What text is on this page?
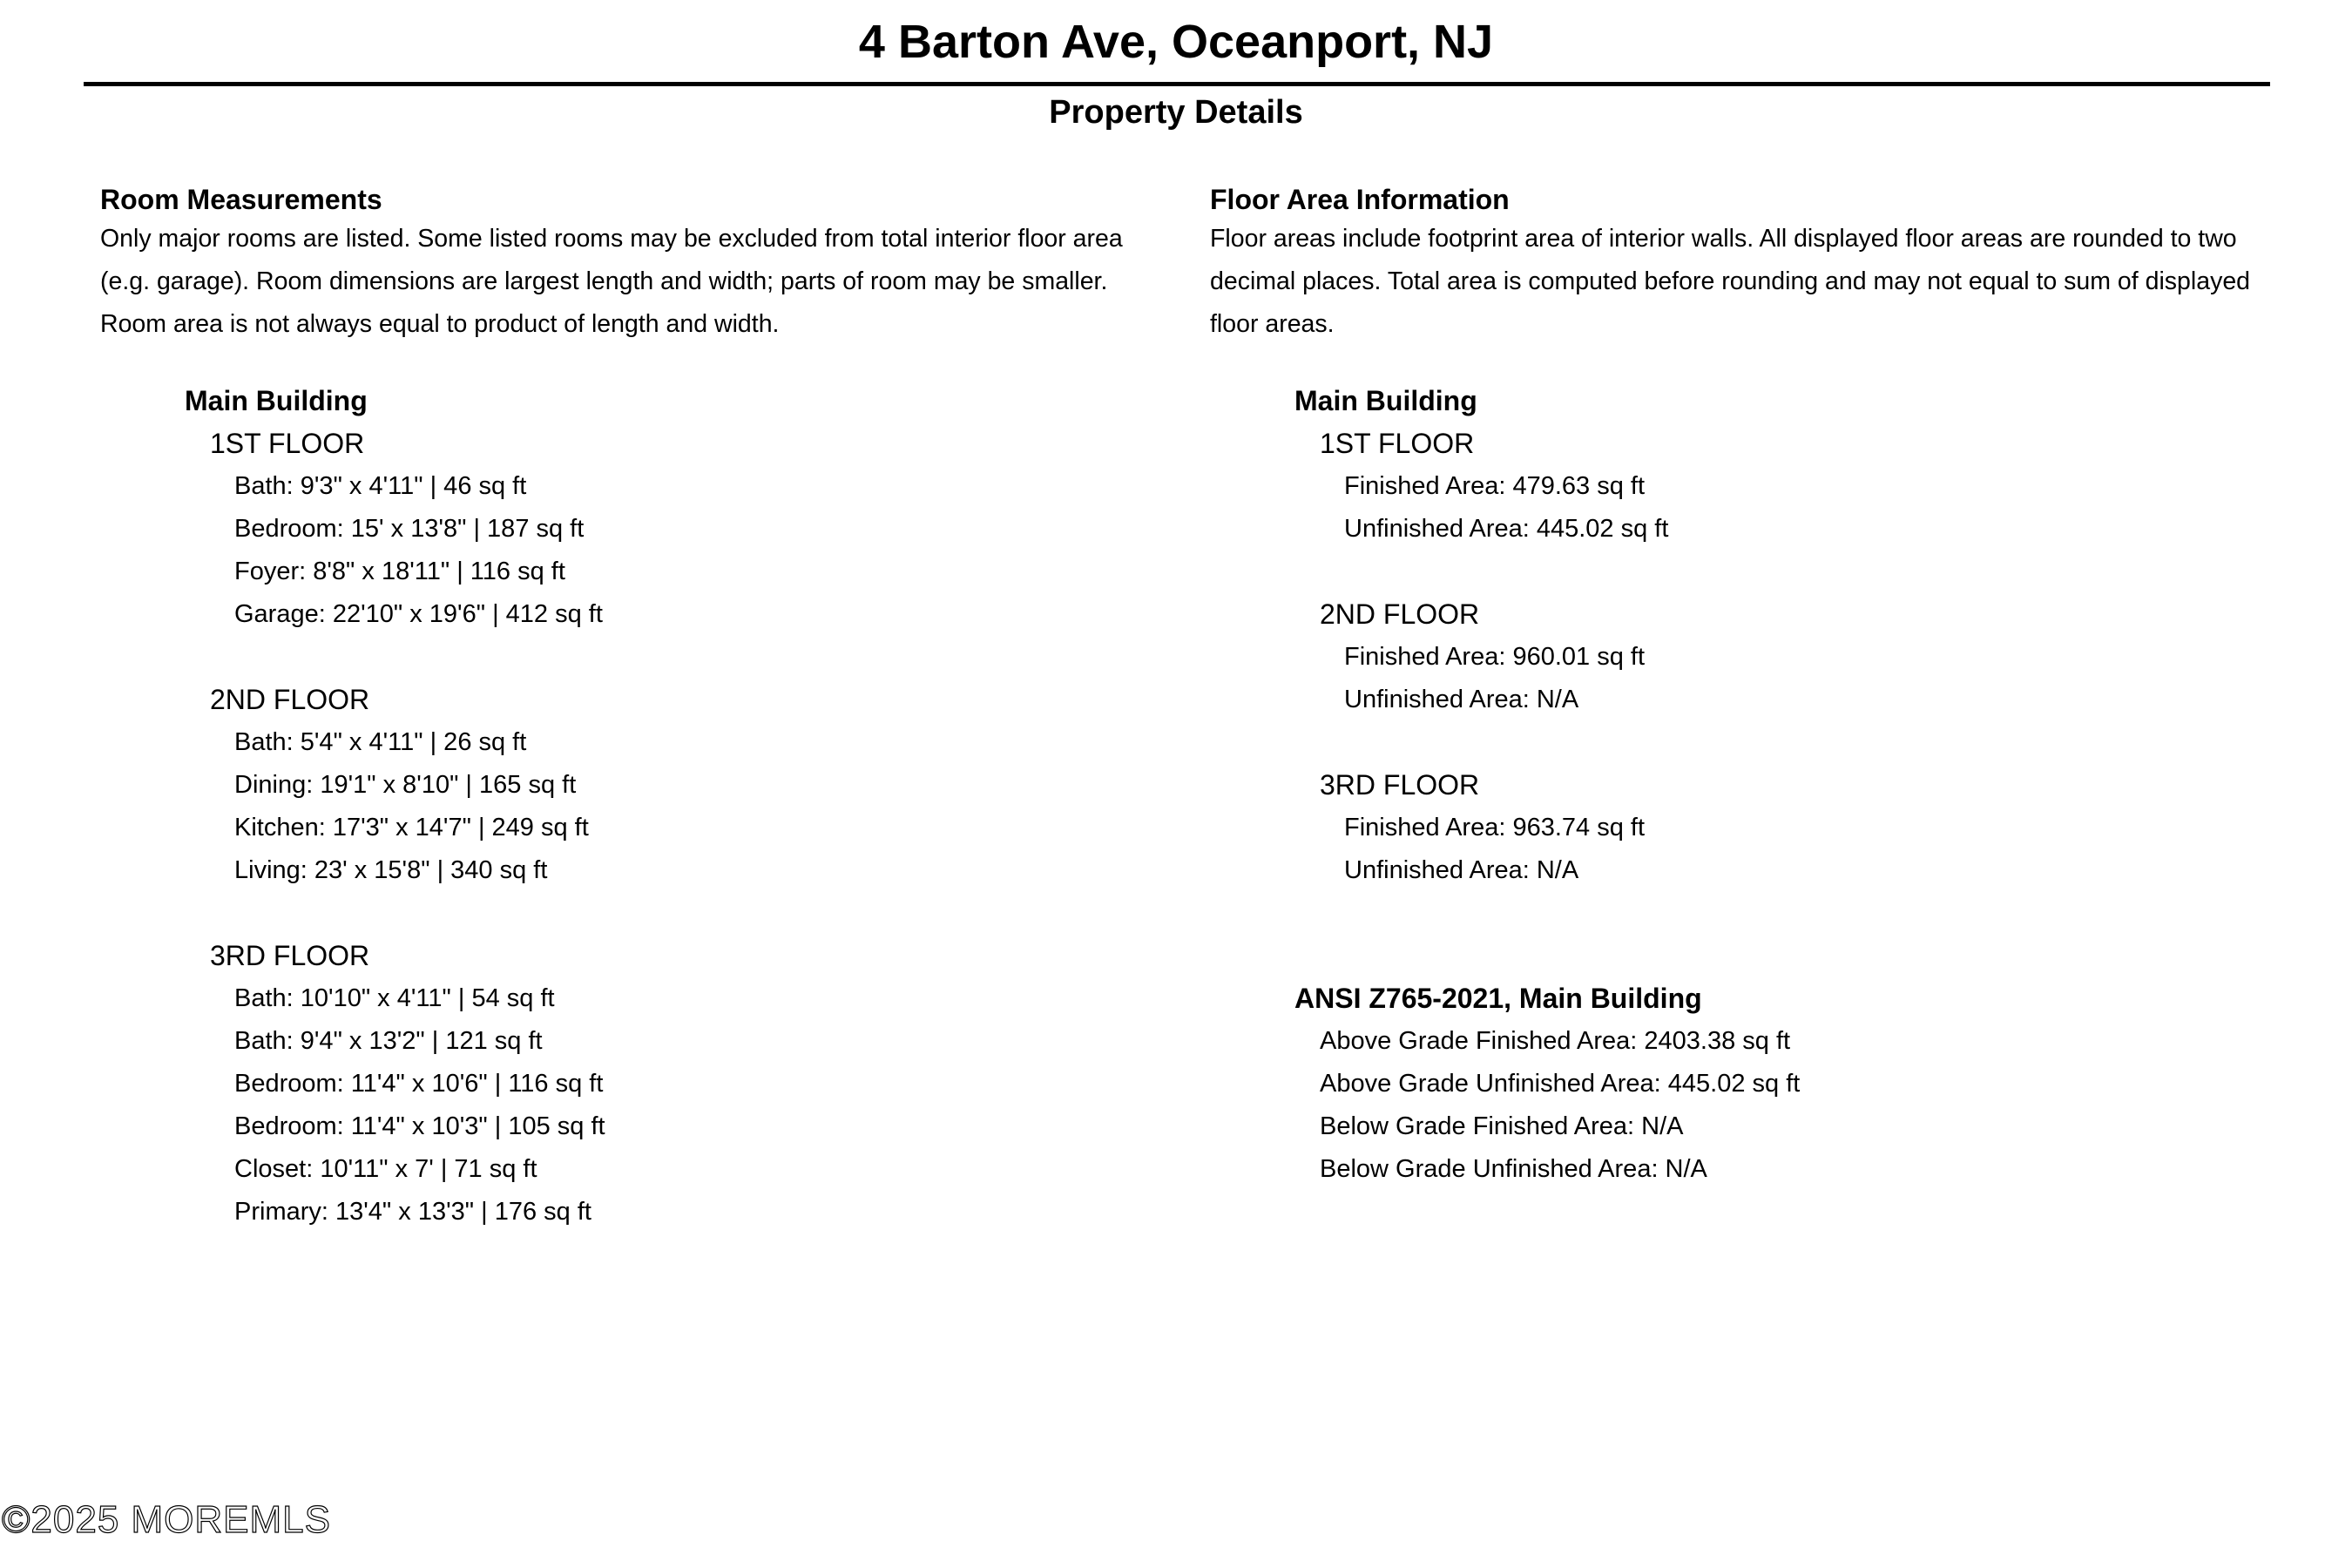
4 Barton Ave, Oceanport, NJ
Property Details
Room Measurements
Only major rooms are listed. Some listed rooms may be excluded from total interior floor area
(e.g. garage). Room dimensions are largest length and width; parts of room may be smaller.
Room area is not always equal to product of length and width.
Main Building
1ST FLOOR
Bath: 9'3" x 4'11" | 46 sq ft
Bedroom: 15' x 13'8" | 187 sq ft
Foyer: 8'8" x 18'11" | 116 sq ft
Garage: 22'10" x 19'6" | 412 sq ft
2ND FLOOR
Bath: 5'4" x 4'11" | 26 sq ft
Dining: 19'1" x 8'10" | 165 sq ft
Kitchen: 17'3" x 14'7" | 249 sq ft
Living: 23' x 15'8" | 340 sq ft
3RD FLOOR
Bath: 10'10" x 4'11" | 54 sq ft
Bath: 9'4" x 13'2" | 121 sq ft
Bedroom: 11'4" x 10'6" | 116 sq ft
Bedroom: 11'4" x 10'3" | 105 sq ft
Closet: 10'11" x 7' | 71 sq ft
Primary: 13'4" x 13'3" | 176 sq ft
Floor Area Information
Floor areas include footprint area of interior walls. All displayed floor areas are rounded to two
decimal places. Total area is computed before rounding and may not equal to sum of displayed
floor areas.
Main Building
1ST FLOOR
Finished Area: 479.63 sq ft
Unfinished Area: 445.02 sq ft
2ND FLOOR
Finished Area: 960.01 sq ft
Unfinished Area: N/A
3RD FLOOR
Finished Area: 963.74 sq ft
Unfinished Area: N/A
ANSI Z765-2021, Main Building
Above Grade Finished Area: 2403.38 sq ft
Above Grade Unfinished Area: 445.02 sq ft
Below Grade Finished Area: N/A
Below Grade Unfinished Area: N/A
©2025 MOREMLS
